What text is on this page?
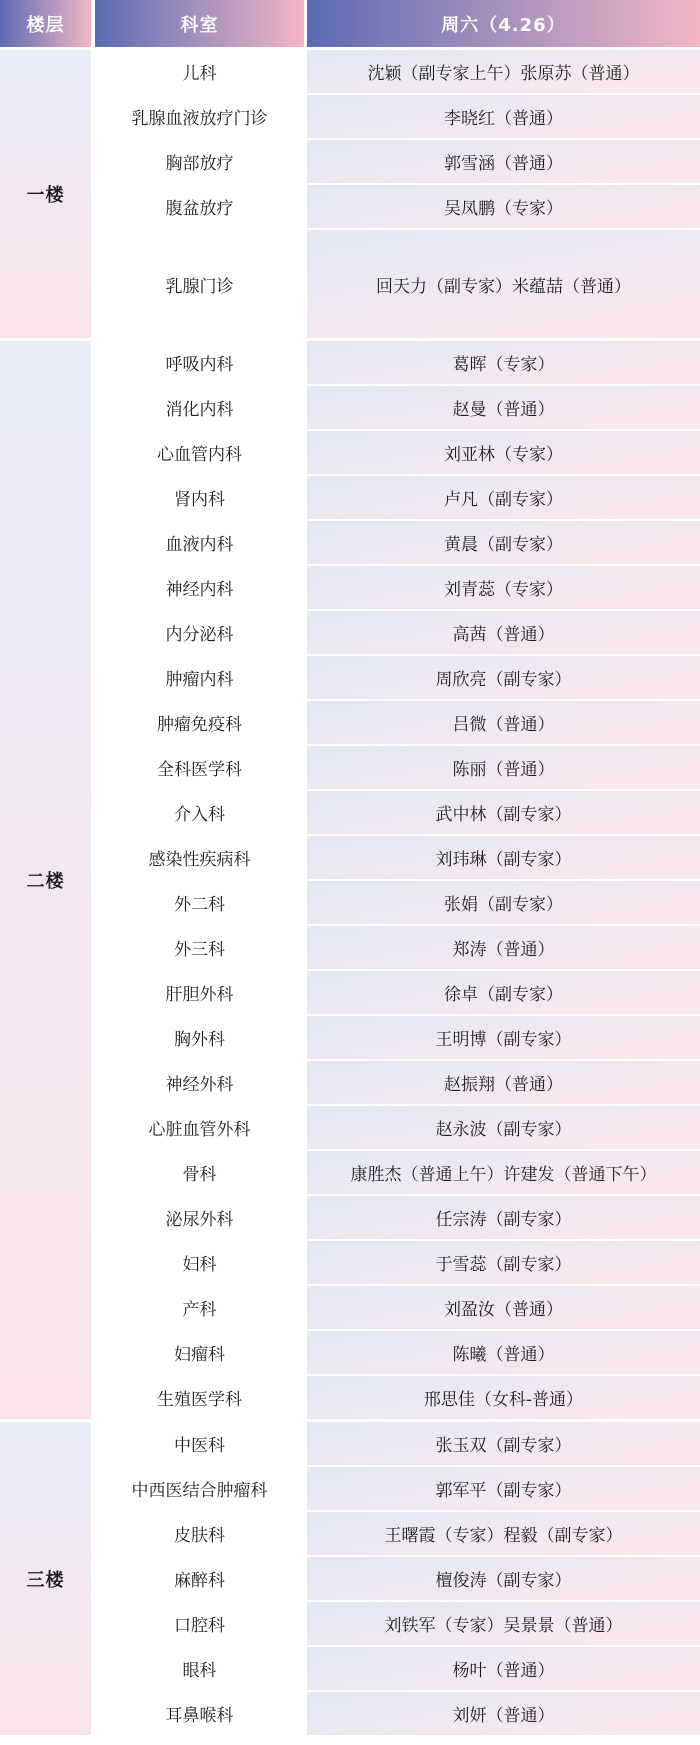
楼层	科室	周六（4.26）
一楼
儿科	沈颖（副专家上午）张原苏（普通）
乳腺血液放疗门诊	李晓红（普通）
胸部放疗	郭雪涵（普通）
腹盆放疗	吴凤鹏（专家）
乳腺门诊	回天力（副专家）米蕴喆（普通）
二楼
呼吸内科	葛晖（专家）
消化内科	赵曼（普通）
心血管内科	刘亚林（专家）
肾内科	卢凡（副专家）
血液内科	黄晨（副专家）
神经内科	刘青蕊（专家）
内分泌科	高茜（普通）
肿瘤内科	周欣亮（副专家）
肿瘤免疫科	吕微（普通）
全科医学科	陈丽（普通）
介入科	武中林（副专家）
感染性疾病科	刘玮琳（副专家）
外二科	张娟（副专家）
外三科	郑涛（普通）
肝胆外科	徐卓（副专家）
胸外科	王明博（副专家）
神经外科	赵振翔（普通）
心脏血管外科	赵永波（副专家）
骨科	康胜杰（普通上午）许建发（普通下午）
泌尿外科	任宗涛（副专家）
妇科	于雪蕊（副专家）
产科	刘盈汝（普通）
妇瘤科	陈曦（普通）
生殖医学科	邢思佳（女科-普通）
三楼
中医科	张玉双（副专家）
中西医结合肿瘤科	郭军平（副专家）
皮肤科	王曙霞（专家）程毅（副专家）
麻醉科	檀俊涛（副专家）
口腔科	刘铁军（专家）吴景景（普通）
眼科	杨叶（普通）
耳鼻喉科	刘妍（普通）
